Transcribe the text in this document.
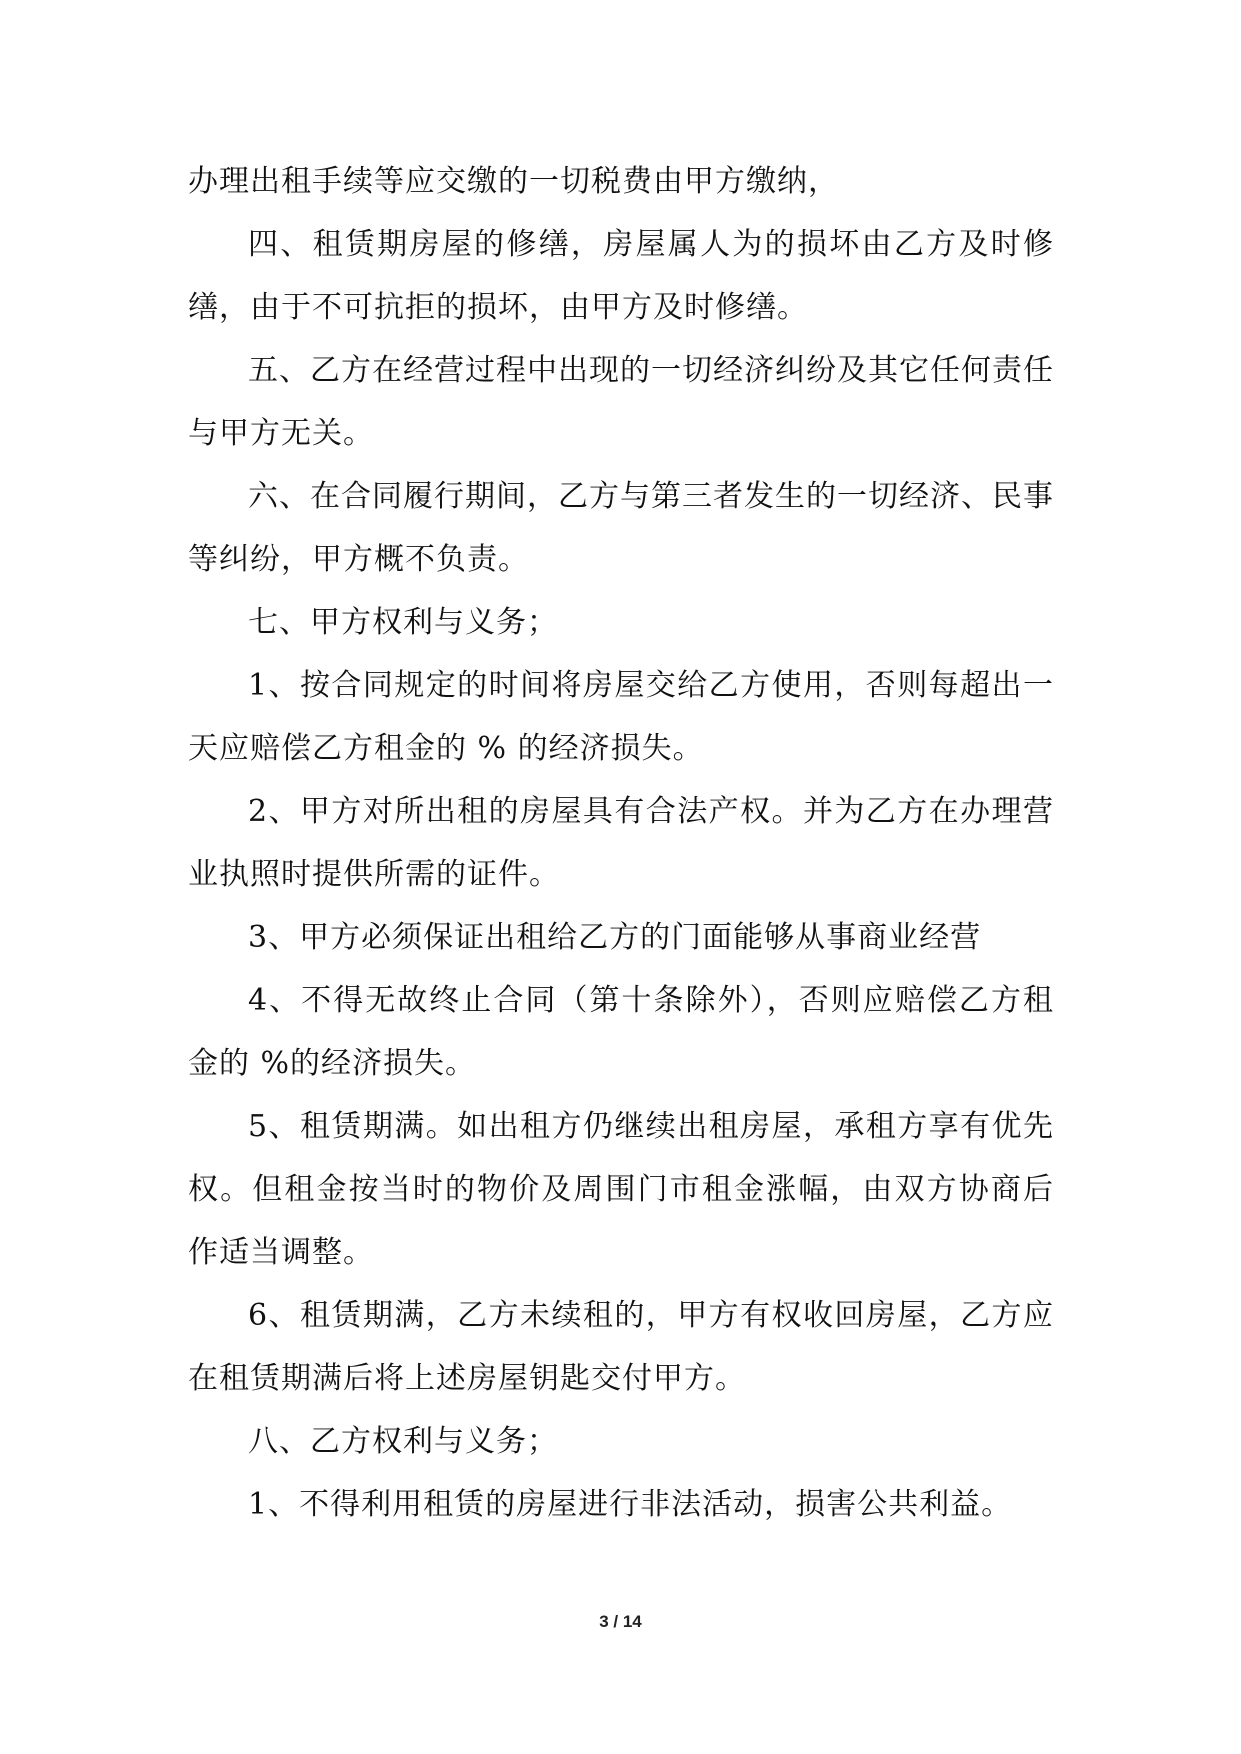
办理出租手续等应交缴的一切税费由甲方缴纳，

四、租赁期房屋的修缮，房屋属人为的损坏由乙方及时修缮，由于不可抗拒的损坏，由甲方及时修缮。

五、乙方在经营过程中出现的一切经济纠纷及其它任何责任与甲方无关。

六、在合同履行期间，乙方与第三者发生的一切经济、民事等纠纷，甲方概不负责。

七、甲方权利与义务；

1、按合同规定的时间将房屋交给乙方使用，否则每超出一天应赔偿乙方租金的 % 的经济损失。

2、甲方对所出租的房屋具有合法产权。并为乙方在办理营业执照时提供所需的证件。

3、甲方必须保证出租给乙方的门面能够从事商业经营

4、不得无故终止合同（第十条除外），否则应赔偿乙方租金的 %的经济损失。

5、租赁期满。如出租方仍继续出租房屋，承租方享有优先权。但租金按当时的物价及周围门市租金涨幅，由双方协商后作适当调整。

6、租赁期满，乙方未续租的，甲方有权收回房屋，乙方应在租赁期满后将上述房屋钥匙交付甲方。

八、乙方权利与义务；

1、不得利用租赁的房屋进行非法活动，损害公共利益。

3 / 14
